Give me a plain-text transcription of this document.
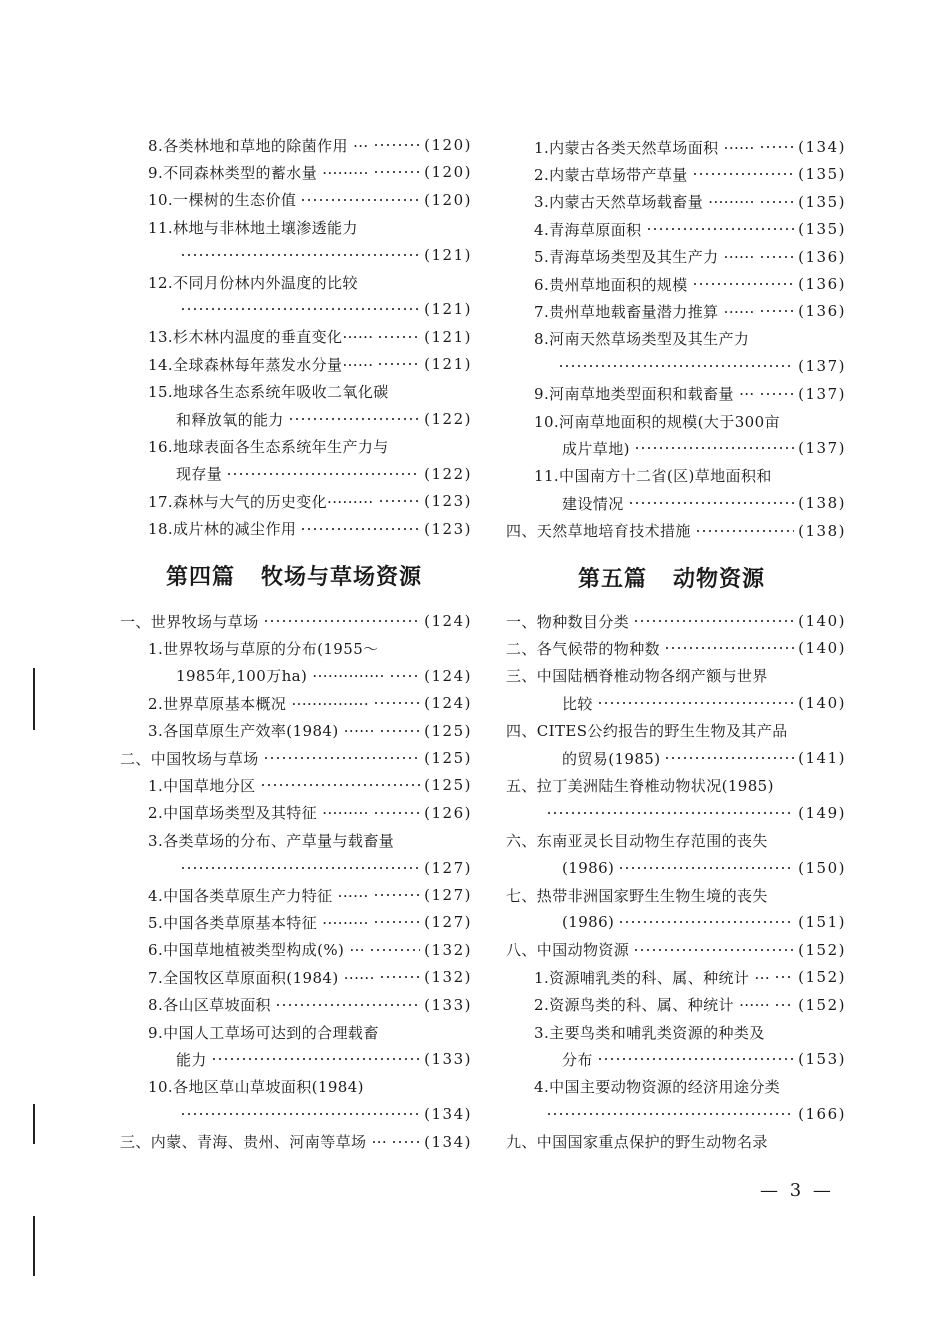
8.各类林地和草地的除菌作用 ···	(120)
9.不同森林类型的蓄水量 ·········	(120)
10.一棵树的生态价值	(120)
11.林地与非林地土壤渗透能力
(121)
12.不同月份林内外温度的比较
(121)
13.杉木林内温度的垂直变化······	(121)
14.全球森林每年蒸发水分量······	(121)
15.地球各生态系统年吸收二氧化碳
和释放氧的能力	(122)
16.地球表面各生态系统年生产力与
现存量	(122)
17.森林与大气的历史变化·········	(123)
18.成片林的减尘作用	(123)
一、世界牧场与草场	(124)
1.世界牧场与草原的分布(1955～
1985年,100万ha) ··············	(124)
2.世界草原基本概况 ···············	(124)
3.各国草原生产效率(1984) ······	(125)
二、中国牧场与草场	(125)
1.中国草地分区	(125)
2.中国草场类型及其特征 ·········	(126)
3.各类草场的分布、产草量与载畜量
(127)
4.中国各类草原生产力特征 ······	(127)
5.中国各类草原基本特征 ·········	(127)
6.中国草地植被类型构成(%) ···	(132)
7.全国牧区草原面积(1984) ······	(132)
8.各山区草坡面积	(133)
9.中国人工草场可达到的合理载畜
能力	(133)
10.各地区草山草坡面积(1984)
(134)
三、内蒙、青海、贵州、河南等草场 ··· (134)
1.内蒙古各类天然草场面积 ······	(134)
2.内蒙古草场带产草量	(135)
3.内蒙古天然草场载畜量 ·········	(135)
4.青海草原面积	(135)
5.青海草场类型及其生产力 ······	(136)
6.贵州草地面积的规模	(136)
7.贵州草地载畜量潜力推算 ······	(136)
8.河南天然草场类型及其生产力
(137)
9.河南草地类型面积和载畜量 ···	(137)
10.河南草地面积的规模(大于300亩
成片草地)	(137)
11.中国南方十二省(区)草地面积和
建设情况	(138)
四、天然草地培育技术措施	(138)
一、物种数目分类	(140)
二、各气候带的物种数	(140)
三、中国陆栖脊椎动物各纲产额与世界
比较	(140)
四、CITES公约报告的野生生物及其产品
的贸易(1985)	(141)
五、拉丁美洲陆生脊椎动物状况(1985)
(149)
六、东南亚灵长目动物生存范围的丧失
(1986)	(150)
七、热带非洲国家野生生物生境的丧失
(1986)	(151)
八、中国动物资源	(152)
1.资源哺乳类的科、属、种统计 ··· (152)
2.资源鸟类的科、属、种统计 ······ (152)
3.主要鸟类和哺乳类资源的种类及
分布	(153)
4.中国主要动物资源的经济用途分类
(166)
九、中国国家重点保护的野生动物名录
第四篇 牧场与草场资源	第五篇 动物资源
— 3 —
